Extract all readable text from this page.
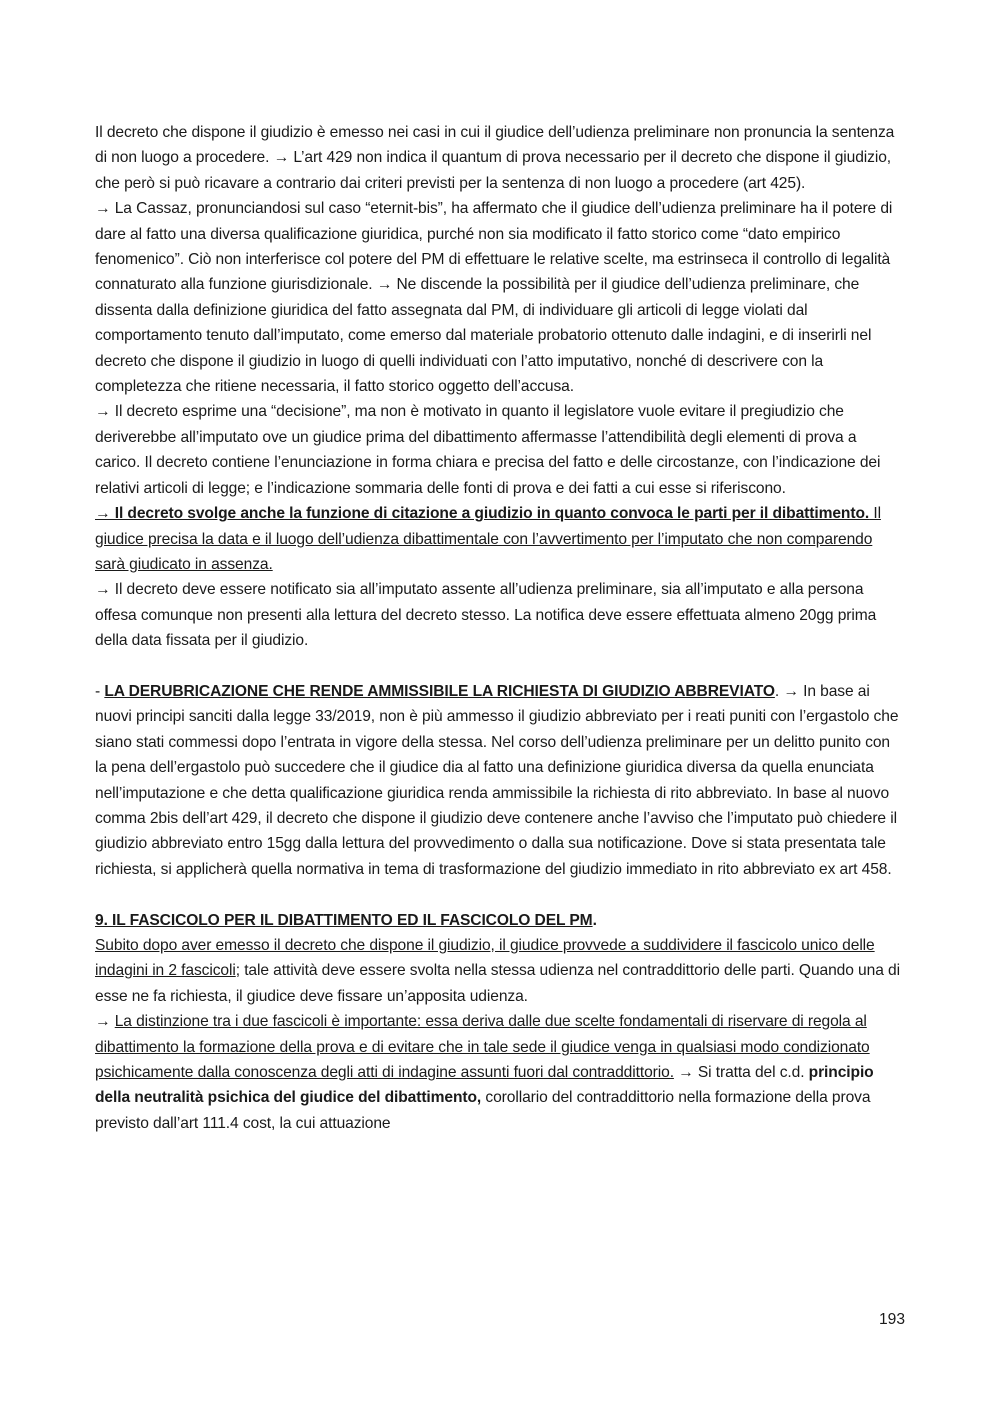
Il decreto che dispone il giudizio è emesso nei casi in cui il giudice dell’udienza preliminare non pronuncia la sentenza di non luogo a procedere. → L’art 429 non indica il quantum di prova necessario per il decreto che dispone il giudizio, che però si può ricavare a contrario dai criteri previsti per la sentenza di non luogo a procedere (art 425).

→ La Cassaz, pronunciandosi sul caso “eternit-bis”, ha affermato che il giudice dell’udienza preliminare ha il potere di dare al fatto una diversa qualificazione giuridica, purché non sia modificato il fatto storico come “dato empirico fenomenico”. Ciò non interferisce col potere del PM di effettuare le relative scelte, ma estrinseca il controllo di legalità connaturato alla funzione giurisdizionale. → Ne discende la possibilità per il giudice dell’udienza preliminare, che dissenta dalla definizione giuridica del fatto assegnata dal PM, di individuare gli articoli di legge violati dal comportamento tenuto dall’imputato, come emerso dal materiale probatorio ottenuto dalle indagini, e di inserirli nel decreto che dispone il giudizio in luogo di quelli individuati con l’atto imputativo, nonché di descrivere con la completezza che ritiene necessaria, il fatto storico oggetto dell’accusa.

→ Il decreto esprime una “decisione”, ma non è motivato in quanto il legislatore vuole evitare il pregiudizio che deriverebbe all’imputato ove un giudice prima del dibattimento affermasse l’attendibilità degli elementi di prova a carico. Il decreto contiene l’enunciazione in forma chiara e precisa del fatto e delle circostanze, con l’indicazione dei relativi articoli di legge; e l’indicazione sommaria delle fonti di prova e dei fatti a cui esse si riferiscono.

→ Il decreto svolge anche la funzione di citazione a giudizio in quanto convoca le parti per il dibattimento. Il giudice precisa la data e il luogo dell’udienza dibattimentale con l’avvertimento per l’imputato che non comparendo sarà giudicato in assenza.

→ Il decreto deve essere notificato sia all’imputato assente all’udienza preliminare, sia all’imputato e alla persona offesa comunque non presenti alla lettura del decreto stesso. La notifica deve essere effettuata almeno 20gg prima della data fissata per il giudizio.

- LA DERUBRICAZIONE CHE RENDE AMMISSIBILE LA RICHIESTA DI GIUDIZIO ABBREVIATO. → In base ai nuovi principi sanciti dalla legge 33/2019, non è più ammesso il giudizio abbreviato per i reati puniti con l’ergastolo che siano stati commessi dopo l’entrata in vigore della stessa. Nel corso dell’udienza preliminare per un delitto punito con la pena dell’ergastolo può succedere che il giudice dia al fatto una definizione giuridica diversa da quella enunciata nell’imputazione e che detta qualificazione giuridica renda ammissibile la richiesta di rito abbreviato. In base al nuovo comma 2bis dell’art 429, il decreto che dispone il giudizio deve contenere anche l’avviso che l’imputato può chiedere il giudizio abbreviato entro 15gg dalla lettura del provvedimento o dalla sua notificazione. Dove si stata presentata tale richiesta, si applicherà quella normativa in tema di trasformazione del giudizio immediato in rito abbreviato ex art 458.

9. IL FASCICOLO PER IL DIBATTIMENTO ED IL FASCICOLO DEL PM.

Subito dopo aver emesso il decreto che dispone il giudizio, il giudice provvede a suddividere il fascicolo unico delle indagini in 2 fascicoli; tale attività deve essere svolta nella stessa udienza nel contraddittorio delle parti. Quando una di esse ne fa richiesta, il giudice deve fissare un’apposita udienza.

→ La distinzione tra i due fascicoli è importante: essa deriva dalle due scelte fondamentali di riservare di regola al dibattimento la formazione della prova e di evitare che in tale sede il giudice venga in qualsiasi modo condizionato psichicamente dalla conoscenza degli atti di indagine assunti fuori dal contraddittorio. → Si tratta del c.d. principio della neutralità psichica del giudice del dibattimento, corollario del contraddittorio nella formazione della prova previsto dall’art 111.4 cost, la cui attuazione

193
